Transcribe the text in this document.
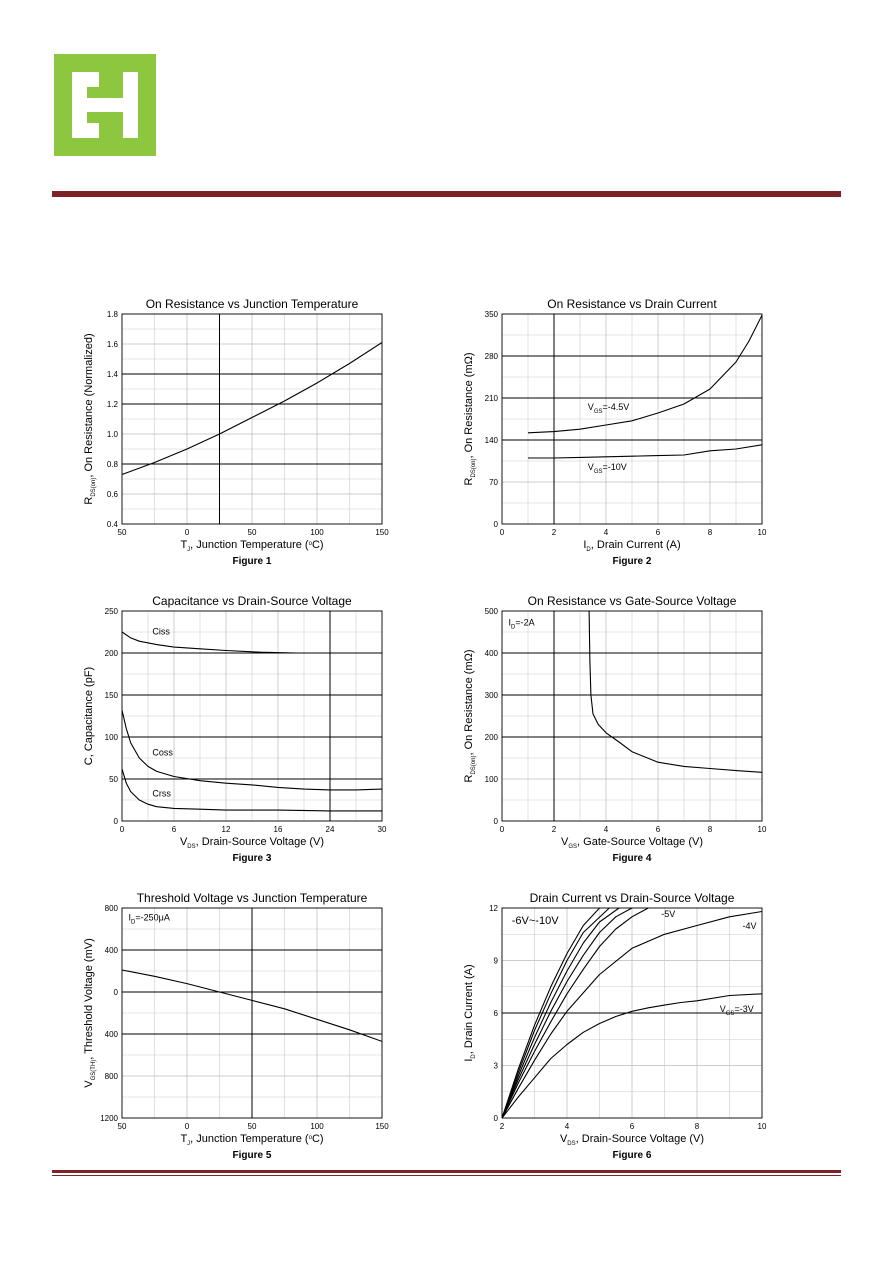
On Resistance vs Junction Temperature
0.4
0.6
0.8
1.0
1.2
1.4
1.6
1.8
50	0	50	100	150
$T_J$, Junction Temperature ($^o$C)
$R_{DS(on)}$, On Resistance (Normalized)
Figure 1
On Resistance vs Drain Current
0
70
140
210
280
350
0	2	4	6	8	10
$I_D$, Drain Current (A)
$R_{DS(on)}$, On Resistance (mΩ)
Figure 2
$V_{GS}=-4.5V$
$V_{GS}=-10V$
Capacitance vs Drain-Source Voltage
0
50
100
150
200
250
0	6	12	16	24	30
$V_{DS}$, Drain-Source Voltage (V)
C, Capacitance (pF)
Figure 3
Ciss
Coss
Crss
On Resistance vs Gate-Source Voltage
0
100
200
300
400
500
0	2	4	6	8	10
$V_{GS}$, Gate-Source Voltage (V)
$R_{DS(on)}$, On Resistance (mΩ)
Figure 4
$I_D=-2A$
Threshold Voltage vs Junction Temperature
1200
800
400
0
400
800
50	0	50	100	150
$T_J$, Junction Temperature ($^o$C)
$V_{GS(TH)}$, Threshold Voltage (mV)
Figure 5
$I_D=-250\mu A$
Drain Current vs Drain-Source Voltage
0
3
6
9
12
2	4	6	8	10
$V_{DS}$, Drain-Source Voltage (V)
$I_D$, Drain Current (A)
Figure 6
-6V~-10V
-5V
-4V
$V_{GS}=-3V$
